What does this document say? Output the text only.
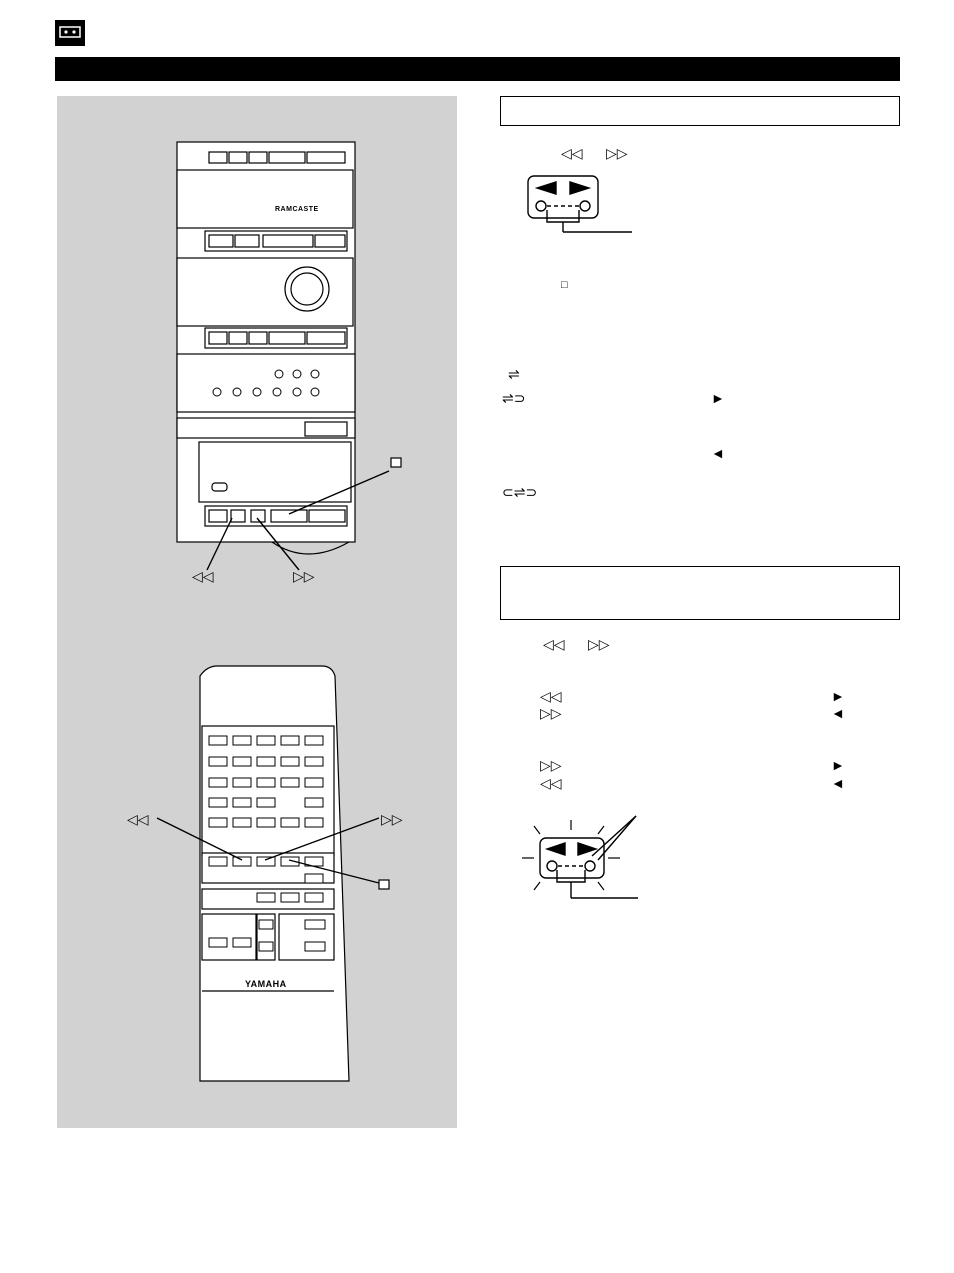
RAMCASTE
◁◁	▷▷
YAMAHA
◁◁	▷▷
◁◁ ▷▷
□
⇌
⇌⊃	►
◄
⊂⇌⊃
◁◁ ▷▷
◁◁	►
▷▷	◄
▷▷	►
◁◁	◄
